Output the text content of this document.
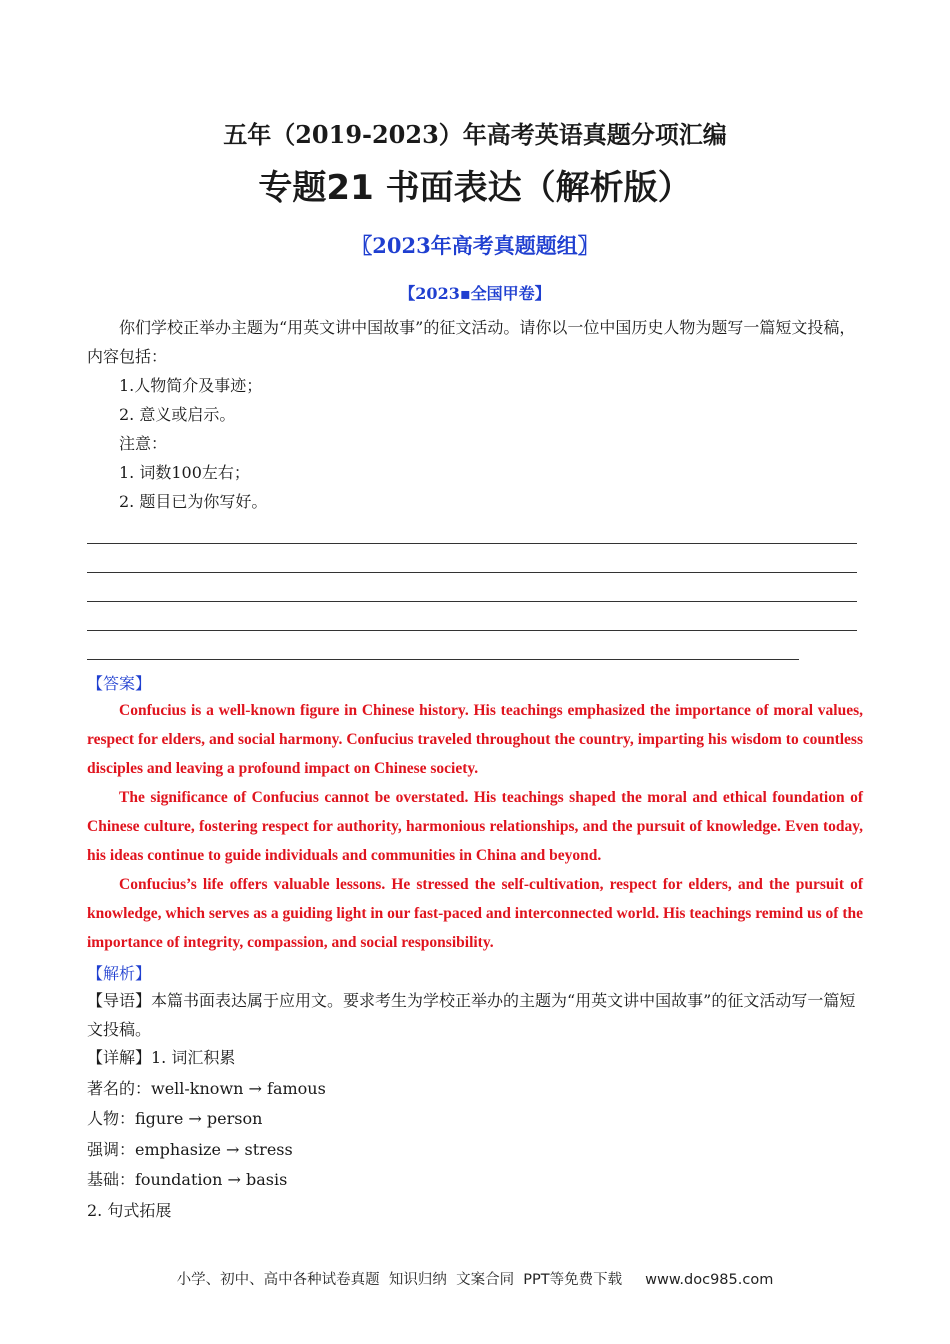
五年（2019-2023）年高考英语真题分项汇编
专题21 书面表达（解析版）
〖2023年高考真题题组〗
【2023▪全国甲卷】

你们学校正举办主题为“用英文讲中国故事”的征文活动。请你以一位中国历史人物为题写一篇短文投稿，内容包括：

1.人物简介及事迹；

2. 意义或启示。

注意：

1. 词数100左右；

2. 题目已为你写好。

【答案】

Confucius is a well-known figure in Chinese history. His teachings emphasized the importance of moral values, respect for elders, and social harmony. Confucius traveled throughout the country, imparting his wisdom to countless disciples and leaving a profound impact on Chinese society.

The significance of Confucius cannot be overstated. His teachings shaped the moral and ethical foundation of Chinese culture, fostering respect for authority, harmonious relationships, and the pursuit of knowledge. Even today, his ideas continue to guide individuals and communities in China and beyond.

Confucius’s life offers valuable lessons. He stressed the self-cultivation, respect for elders, and the pursuit of knowledge, which serves as a guiding light in our fast-paced and interconnected world. His teachings remind us of the importance of integrity, compassion, and social responsibility.

【解析】

【导语】本篇书面表达属于应用文。要求考生为学校正举办的主题为“用英文讲中国故事”的征文活动写一篇短文投稿。

【详解】1. 词汇积累

著名的：well-known → famous

人物：figure → person

强调：emphasize → stress

基础：foundation → basis

2. 句式拓展

小学、初中、高中各种试卷真题  知识归纳  文案合同  PPT等免费下载     www.doc985.com
